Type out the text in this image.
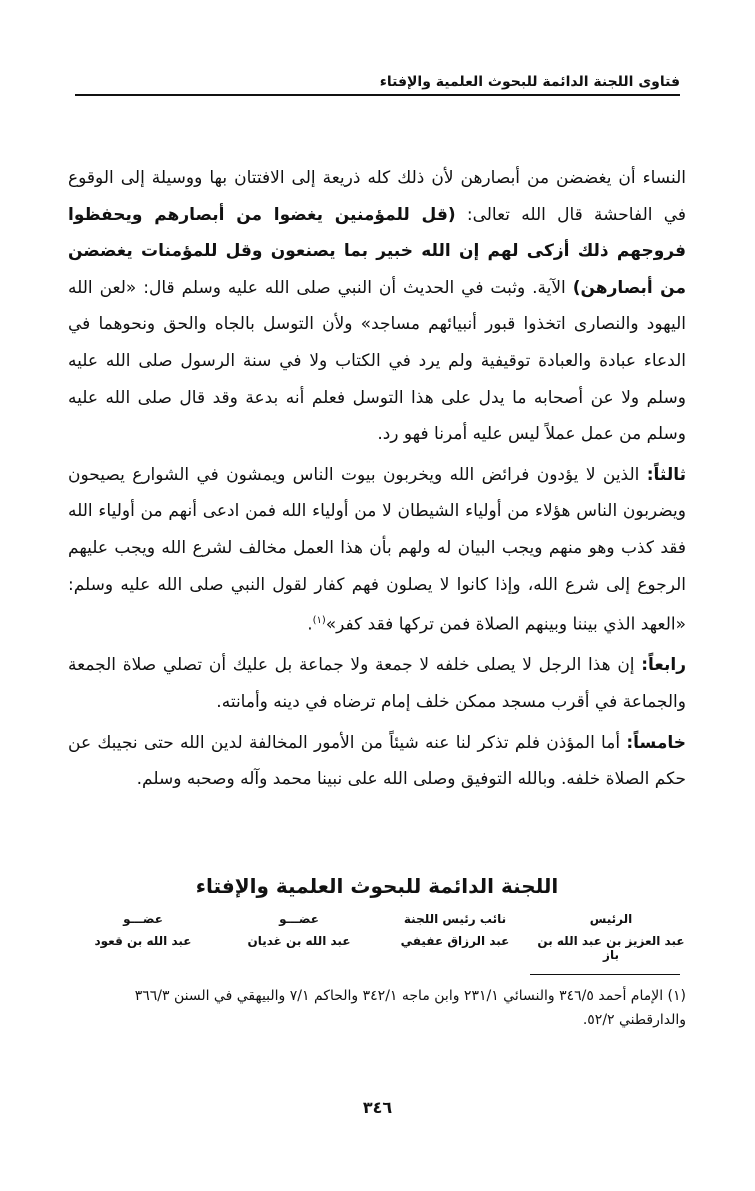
فتاوى اللجنة الدائمة للبحوث العلمية والإفتاء

النساء أن يغضضن من أبصارهن لأن ذلك كله ذريعة إلى الافتتان بها ووسيلة إلى الوقوع في الفاحشة قال الله تعالى: (قل للمؤمنين يغضوا من أبصارهم ويحفظوا فروجهم ذلك أزكى لهم إن الله خبير بما يصنعون وقل للمؤمنات يغضضن من أبصارهن) الآية. وثبت في الحديث أن النبي صلى الله عليه وسلم قال: «لعن الله اليهود والنصارى اتخذوا قبور أنبيائهم مساجد» ولأن التوسل بالجاه والحق ونحوهما في الدعاء عبادة والعبادة توقيفية ولم يرد في الكتاب ولا في سنة الرسول صلى الله عليه وسلم ولا عن أصحابه ما يدل على هذا التوسل فعلم أنه بدعة وقد قال صلى الله عليه وسلم من عمل عملاً ليس عليه أمرنا فهو رد.

ثالثاً: الذين لا يؤدون فرائض الله ويخربون بيوت الناس ويمشون في الشوارع يصيحون ويضربون الناس هؤلاء من أولياء الشيطان لا من أولياء الله فمن ادعى أنهم من أولياء الله فقد كذب وهو منهم ويجب البيان له ولهم بأن هذا العمل مخالف لشرع الله ويجب عليهم الرجوع إلى شرع الله، وإذا كانوا لا يصلون فهم كفار لقول النبي صلى الله عليه وسلم: «العهد الذي بيننا وبينهم الصلاة فمن تركها فقد كفر»$^{(١)}$.

رابعاً: إن هذا الرجل لا يصلى خلفه لا جمعة ولا جماعة بل عليك أن تصلي صلاة الجمعة والجماعة في أقرب مسجد ممكن خلف إمام ترضاه في دينه وأمانته.

خامساً: أما المؤذن فلم تذكر لنا عنه شيئاً من الأمور المخالفة لدين الله حتى نجيبك عن حكم الصلاة خلفه. وبالله التوفيق وصلى الله على نبينا محمد وآله وصحبه وسلم.

اللجنة الدائمة للبحوث العلمية والإفتاء
الرئيس
عبد العزيز بن عبد الله بن باز
نائب رئيس اللجنة
عبد الرزاق عفيفي
عضـــو
عبد الله بن غديان
عضـــو
عبد الله بن قعود
(١) الإمام أحمد ٣٤٦/٥ والنسائي ٢٣١/١ وابن ماجه ٣٤٢/١ والحاكم ٧/١ والبيهقي في السنن ٣٦٦/٣ والدارقطني ٥٢/٢.
٣٤٦
